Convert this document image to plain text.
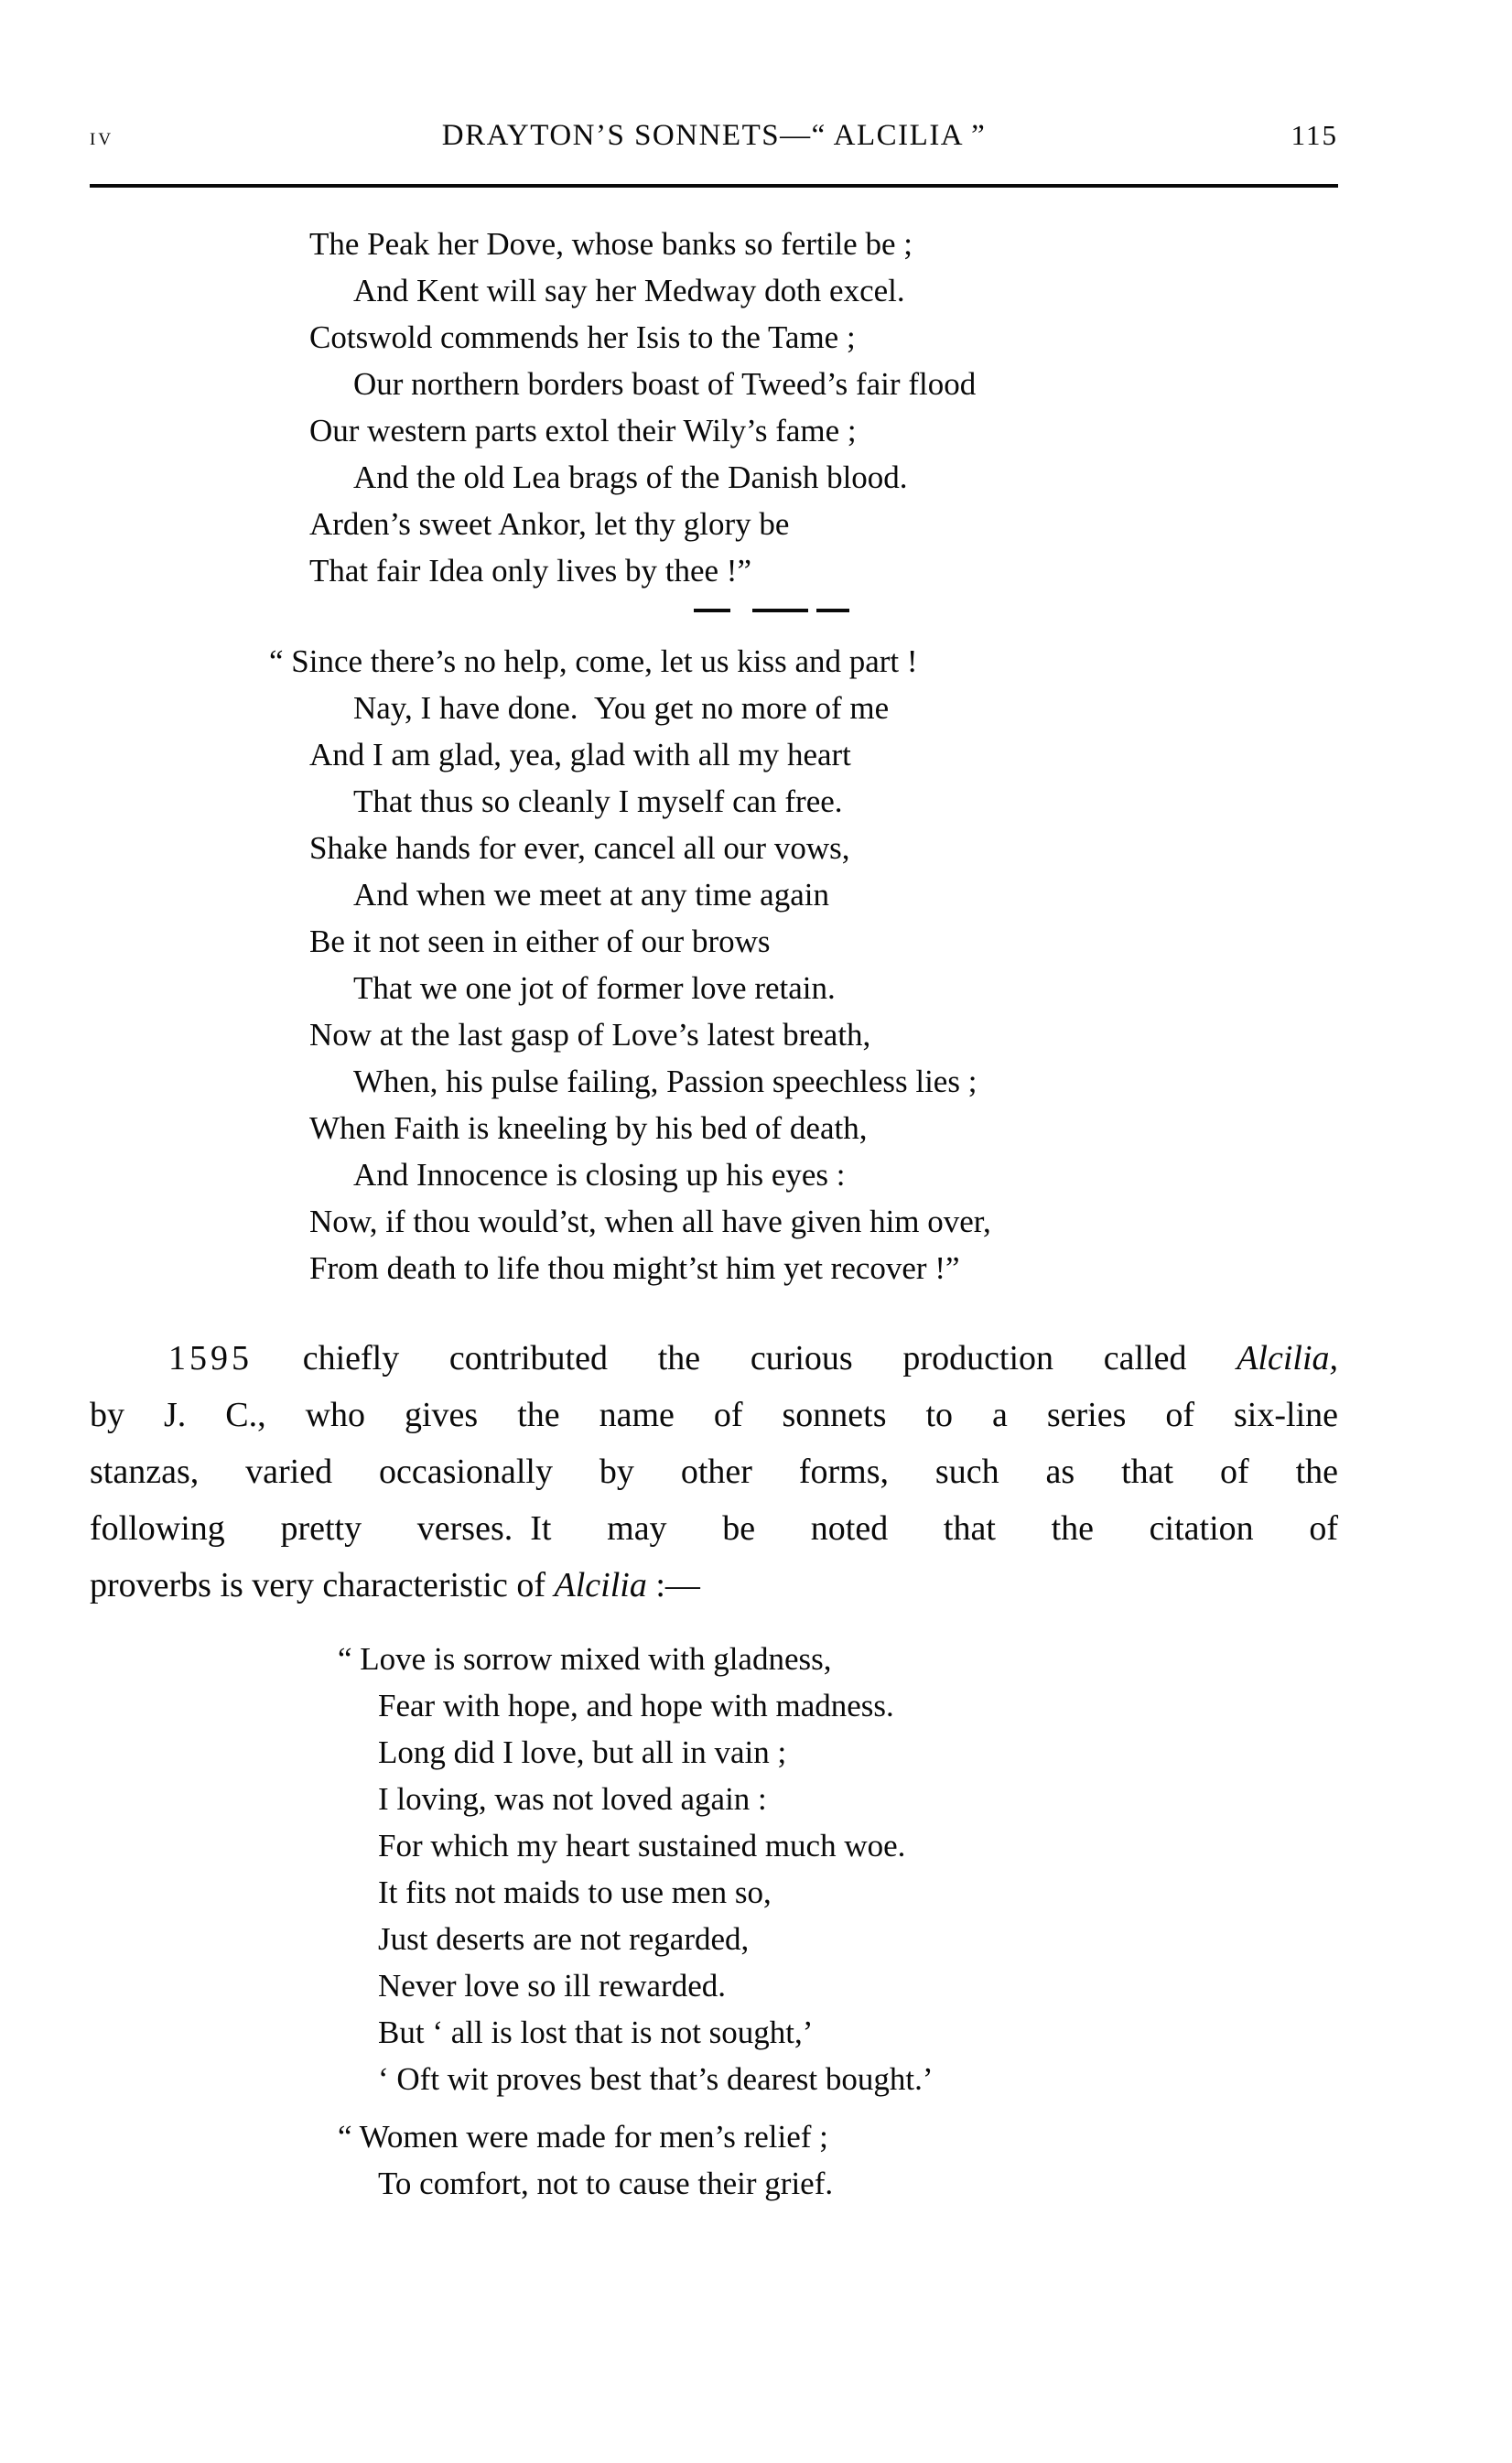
iv	DRAYTON’S SONNETS—“ ALCILIA ”	115
The Peak her Dove, whose banks so fertile be ;
And Kent will say her Medway doth excel.
Cotswold commends her Isis to the Tame ;
Our northern borders boast of Tweed’s fair flood
Our western parts extol their Wily’s fame ;
And the old Lea brags of the Danish blood.
Arden’s sweet Ankor, let thy glory be
That fair Idea only lives by thee !”
“ Since there’s no help, come, let us kiss and part !
Nay, I have done. You get no more of me
And I am glad, yea, glad with all my heart
That thus so cleanly I myself can free.
Shake hands for ever, cancel all our vows,
And when we meet at any time again
Be it not seen in either of our brows
That we one jot of former love retain.
Now at the last gasp of Love’s latest breath,
When, his pulse failing, Passion speechless lies ;
When Faith is kneeling by his bed of death,
And Innocence is closing up his eyes :
Now, if thou would’st, when all have given him over,
From death to life thou might’st him yet recover !”
1595 chiefly contributed the curious production called Alcilia,
by J. C., who gives the name of sonnets to a series of six-line
stanzas, varied occasionally by other forms, such as that of the
following pretty verses. It may be noted that the citation of
proverbs is very characteristic of Alcilia :—
“ Love is sorrow mixed with gladness,
Fear with hope, and hope with madness.
Long did I love, but all in vain ;
I loving, was not loved again :
For which my heart sustained much woe.
It fits not maids to use men so,
Just deserts are not regarded,
Never love so ill rewarded.
But ‘ all is lost that is not sought,’
‘ Oft wit proves best that’s dearest bought.’
“ Women were made for men’s relief ;
To comfort, not to cause their grief.
